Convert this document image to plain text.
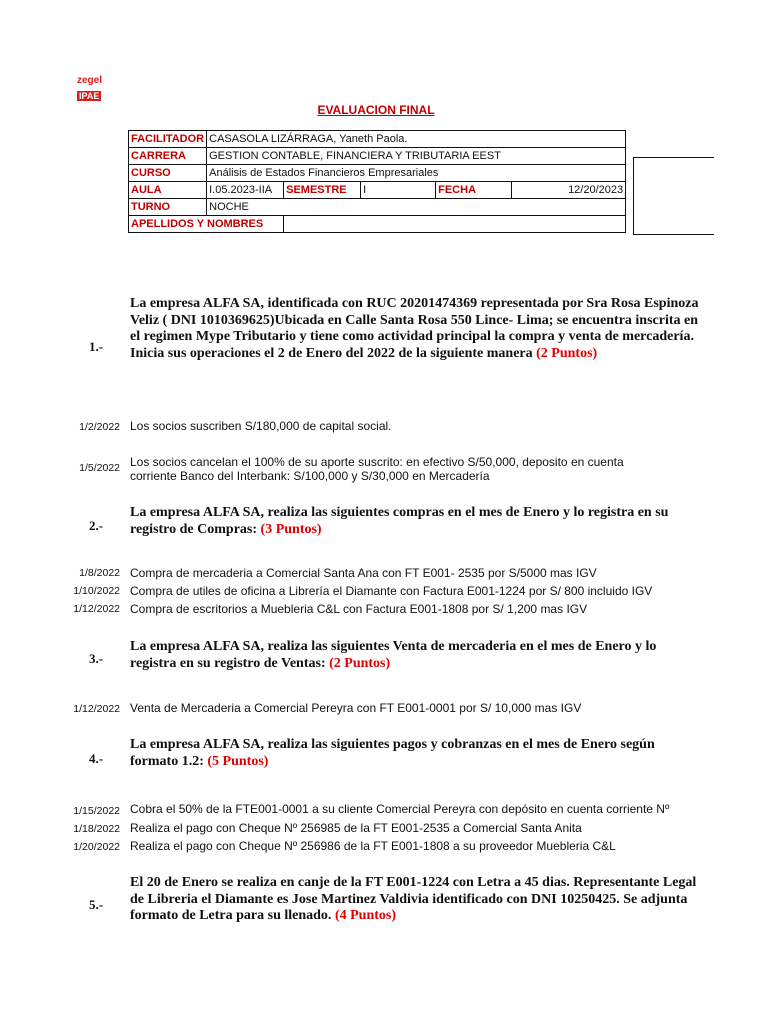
zegel
IPAE
EVALUACION FINAL
FACILITADOR	CASASOLA LIZÁRRAGA, Yaneth Paola.				
CARRERA	GESTION CONTABLE, FINANCIERA Y TRIBUTARIA EEST				
CURSO	Análisis de Estados Financieros Empresariales				
AULA	I.05.2023-IIA	SEMESTRE	I	FECHA	12/20/2023
TURNO	NOCHE				
APELLIDOS Y NOMBRES					
1.-
La empresa ALFA SA, identificada con RUC 20201474369 representada por Sra Rosa Espinoza Veliz ( DNI 1010369625)Ubicada en Calle Santa Rosa 550 Lince- Lima; se encuentra inscrita en el regimen Mype Tributario y tiene como actividad principal la compra y venta de mercadería. Inicia sus operaciones el 2 de Enero del 2022 de la siguiente manera (2 Puntos)
1/2/2022 Los socios suscriben S/180,000 de capital social.
1/5/2022 Los socios cancelan el 100% de su aporte suscrito: en efectivo S/50,000, deposito en cuenta
corriente Banco del Interbank: S/100,000 y S/30,000 en Mercadería
2.-
La empresa ALFA SA, realiza las siguientes compras en el mes de Enero y lo registra en su registro de Compras: (3 Puntos)
1/8/2022 Compra de mercaderia a Comercial Santa Ana con FT E001- 2535 por S/5000 mas IGV
1/10/2022 Compra de utiles de oficina a Librería el Diamante con Factura E001-1224 por S/ 800 incluido IGV
1/12/2022 Compra de escritorios a Muebleria C&L con Factura E001-1808 por S/ 1,200 mas IGV
3.-
La empresa ALFA SA, realiza las siguientes Venta de mercaderia en el mes de Enero y lo registra en su registro de Ventas: (2 Puntos)
1/12/2022 Venta de Mercaderia a Comercial Pereyra con FT E001-0001 por S/ 10,000 mas IGV
4.-
La empresa ALFA SA, realiza las siguientes pagos y cobranzas en el mes de Enero según formato 1.2: (5 Puntos)
1/15/2022 Cobra el 50% de la FTE001-0001 a su cliente Comercial Pereyra con depósito en cuenta corriente Nº
1/18/2022 Realiza el pago con Cheque Nº 256985 de la FT E001-2535 a Comercial Santa Anita
1/20/2022 Realiza el pago con Cheque Nº 256986 de la FT E001-1808 a su proveedor Muebleria C&L
5.-
El 20 de Enero se realiza en canje de la FT E001-1224 con Letra a 45 dias. Representante Legal de Libreria el Diamante es Jose Martinez Valdivia identificado con DNI 10250425. Se adjunta formato de Letra para su llenado. (4 Puntos)
